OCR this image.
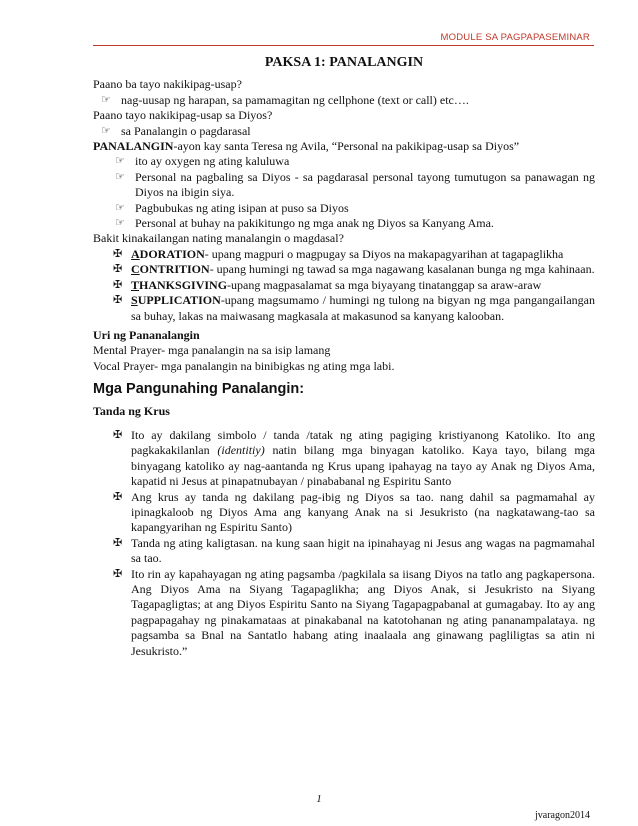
MODULE SA PAGPAPASEMINAR

PAKSA 1: PANALANGIN

Paano ba tayo nakikipag-usap?

☞ nag-uusap ng harapan, sa pamamagitan ng cellphone (text or call) etc….

Paano tayo nakikipag-usap sa Diyos?

☞ sa Panalangin o pagdarasal

PANALANGIN-ayon kay santa Teresa ng Avila, “Personal na pakikipag-usap sa Diyos”

☞ ito ay oxygen ng ating kaluluwa
☞ Personal na pagbaling sa Diyos - sa pagdarasal personal tayong tumutugon sa panawagan ng Diyos na ibigin siya.
☞ Pagbubukas ng ating isipan at puso sa Diyos
☞ Personal at buhay na pakikitungo ng mga anak ng Diyos sa Kanyang Ama.

Bakit kinakailangan nating manalangin o magdasal?

✠ ADORATION- upang magpuri o magpugay sa Diyos na makapagyarihan at tagapaglikha
✠ CONTRITION- upang humingi ng tawad sa mga nagawang kasalanan bunga ng mga kahinaan.
✠ THANKSGIVING-upang magpasalamat sa mga biyayang tinatanggap sa araw-araw
✠ SUPPLICATION-upang magsumamo / humingi ng tulong na bigyan ng mga pangangailangan sa buhay, lakas na maiwasang magkasala at makasunod sa kanyang kalooban.

Uri ng Pananalangin

Mental Prayer- mga panalangin na sa isip lamang

Vocal Prayer- mga panalangin na binibigkas ng ating mga labi.

Mga Pangunahing Panalangin:

Tanda ng Krus

✠ Ito ay dakilang simbolo / tanda /tatak ng ating pagiging kristiyanong Katoliko. Ito ang pagkakakilanlan (identitiy) natin bilang mga binyagan katoliko. Kaya tayo, bilang mga binyagang katoliko ay nag-aantanda ng Krus upang ipahayag na tayo ay Anak ng Diyos Ama, kapatid ni Jesus at pinapatnubayan / pinababanal ng Espiritu Santo
✠ Ang krus ay tanda ng dakilang pag-ibig ng Diyos sa tao. nang dahil sa pagmamahal ay ipinagkaloob ng Diyos Ama ang kanyang Anak na si Jesukristo (na nagkatawang-tao sa kapangyarihan ng Espiritu Santo)
✠ Tanda ng ating kaligtasan. na kung saan higit na ipinahayag ni Jesus ang wagas na pagmamahal sa tao.
✠ Ito rin ay kapahayagan ng ating pagsamba /pagkilala sa iisang Diyos na tatlo ang pagkapersona. Ang Diyos Ama na Siyang Tagapaglikha; ang Diyos Anak, si Jesukristo na Siyang Tagapagligtas; at ang Diyos Espiritu Santo na Siyang Tagapagpabanal at gumagabay. Ito ay ang pagpapagahay ng pinakamataas at pinakabanal na katotohanan ng ating pananampalataya. ng pagsamba sa Bnal na Santatlo habang ating inaalaala ang ginawang pagliligtas sa atin ni Jesukristo.”
1
jvaragon2014
